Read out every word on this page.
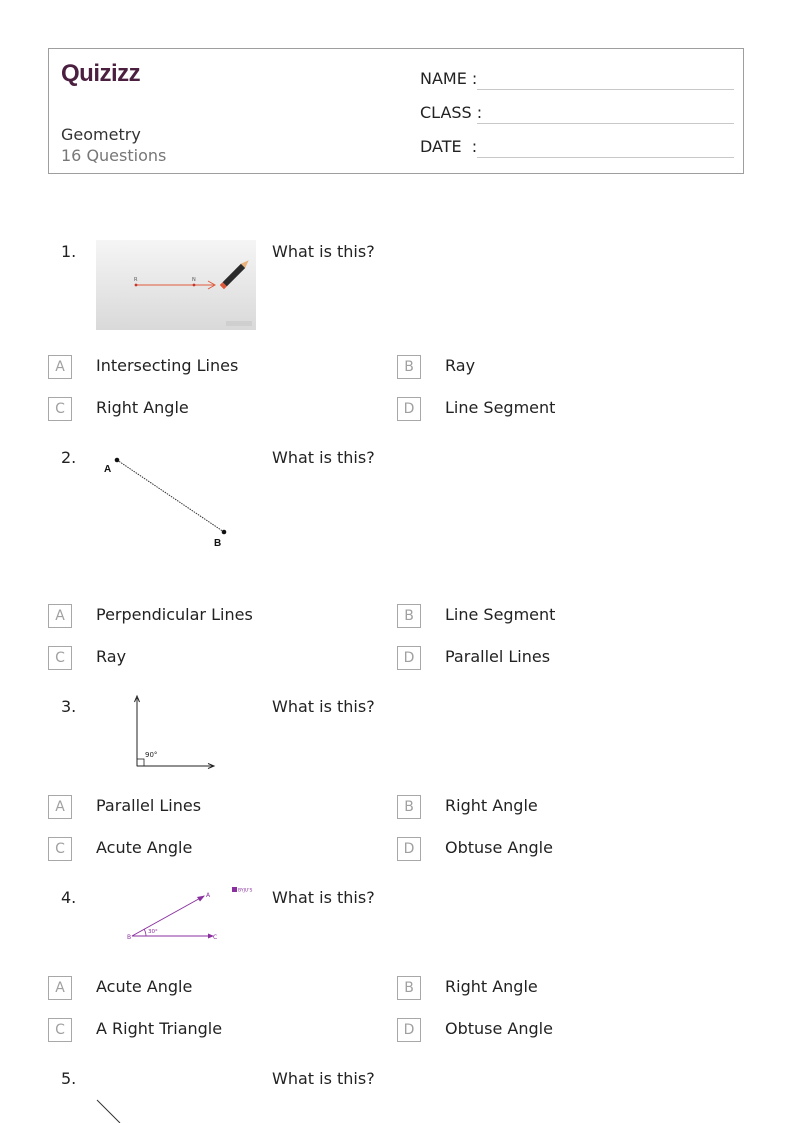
Quizizz
Geometry
16 Questions
NAME :
CLASS :
DATE  :
1.	What is this?
R	N
A	Intersecting Lines	B	Ray
C	Right Angle	D	Line Segment
2.	What is this?
A
B
A	Perpendicular Lines	B	Line Segment
C	Ray	D	Parallel Lines
3.	What is this?
90°
A	Parallel Lines	B	Right Angle
C	Acute Angle	D	Obtuse Angle
4.	What is this?
A
B	C
30°
BYJU'S
A	Acute Angle	B	Right Angle
C	A Right Triangle	D	Obtuse Angle
5.	What is this?
